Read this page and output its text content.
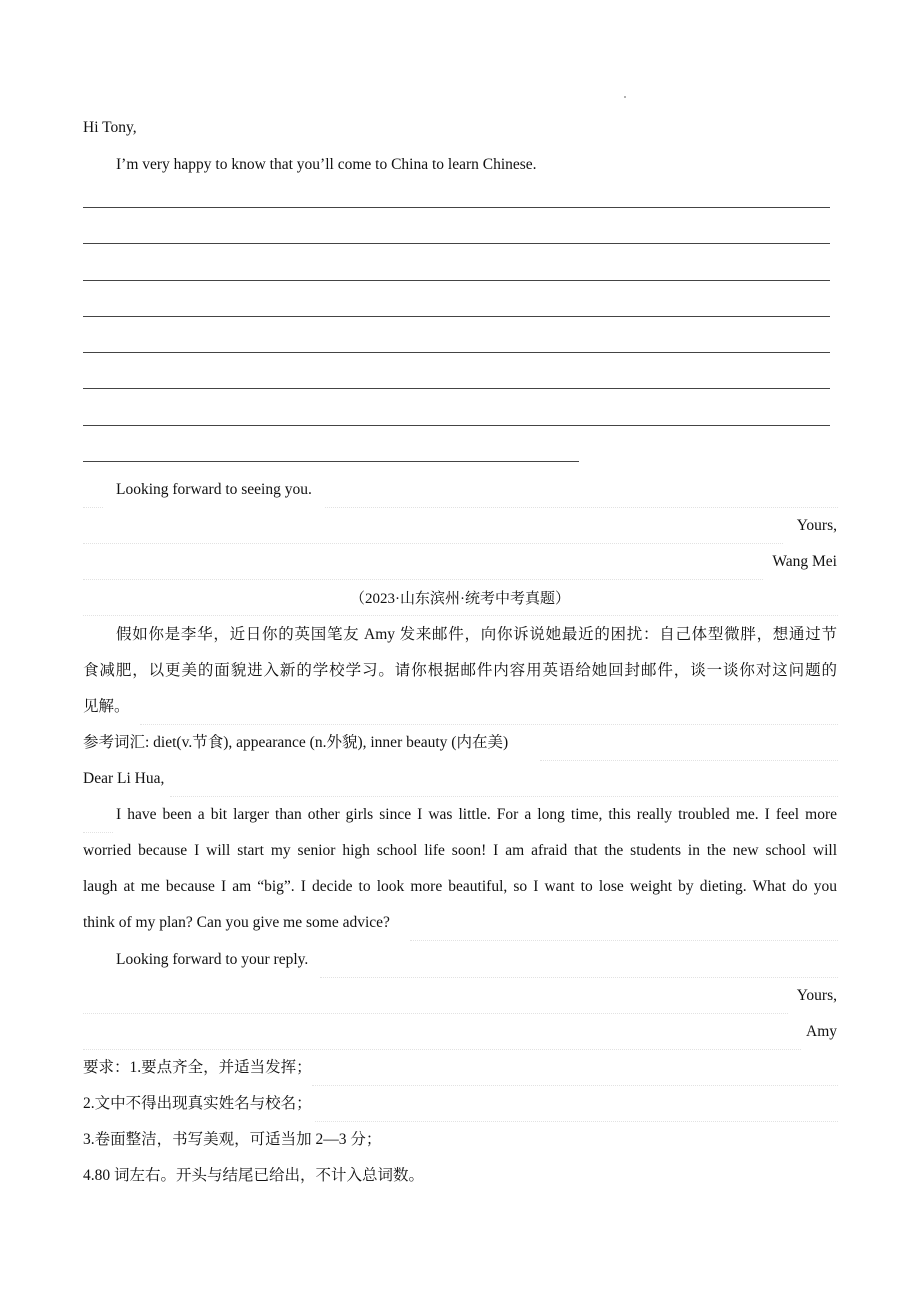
Hi Tony,
I’m very happy to know that you’ll come to China to learn Chinese.
Looking forward to seeing you.
Yours,
Wang Mei
（2023·山东滨州·统考中考真题）
假如你是李华，近日你的英国笔友 Amy 发来邮件，向你诉说她最近的困扰：自己体型微胖，想通过节
食减肥，以更美的面貌进入新的学校学习。请你根据邮件内容用英语给她回封邮件，谈一谈你对这问题的
见解。
参考词汇: diet(v.节食), appearance (n.外貌), inner beauty (内在美)
Dear Li Hua,
I have been a bit larger than other girls since I was little. For a long time, this really troubled me. I feel more
worried because I will start my senior high school life soon! I am afraid that the students in the new school will
laugh at me because I am “big”. I decide to look more beautiful, so I want to lose weight by dieting. What do you
think of my plan? Can you give me some advice?
Looking forward to your reply.
Yours,
Amy
要求：1.要点齐全，并适当发挥；
2.文中不得出现真实姓名与校名；
3.卷面整洁，书写美观，可适当加 2—3 分；
4.80 词左右。开头与结尾已给出，不计入总词数。
